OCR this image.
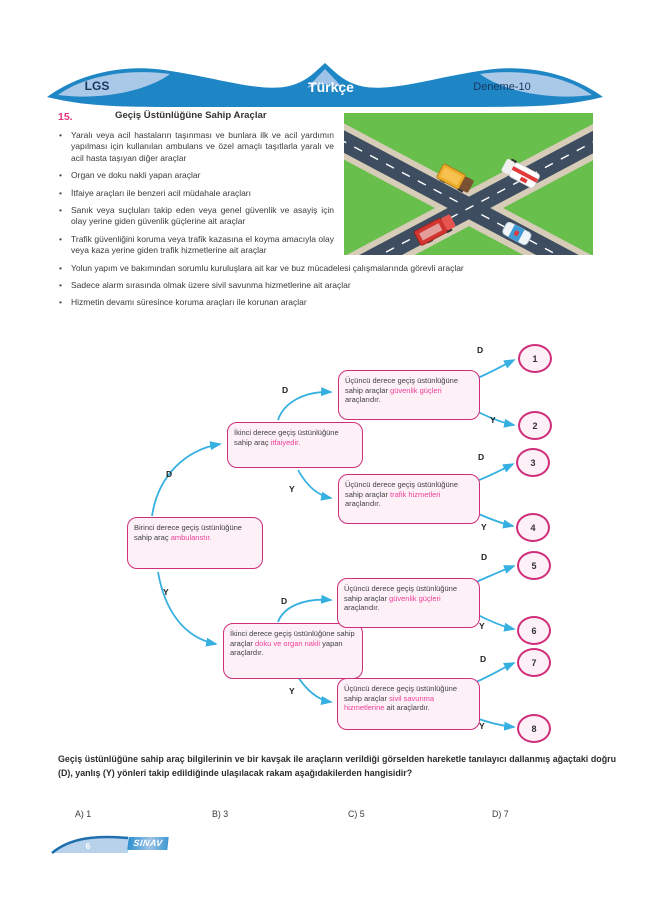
LGS	Türkçe	Deneme-10
15.	Geçiş Üstünlüğüne Sahip Araçlar

• Yaralı veya acil hastaların taşınması ve bunlara ilk ve acil yardımın yapılması için kullanılan ambulans ve özel amaçlı taşıtlarla yaralı ve acil hasta taşıyan diğer araçlar
• Organ ve doku nakli yapan araçlar
• İtfaiye araçları ile benzeri acil müdahale araçları
• Sanık veya suçluları takip eden veya genel güvenlik ve asayiş için olay yerine giden güvenlik güçlerine ait araçlar
• Trafik güvenliğini koruma veya trafik kazasına el koyma amacıyla olay veya kaza yerine giden trafik hizmetlerine ait araçlar
• Yolun yapım ve bakımından sorumlu kuruluşlara ait kar ve buz mücadelesi çalışmalarında görevli araçlar
• Sadece alarm sırasında olmak üzere sivil savunma hizmetlerine ait araçlar
• Hizmetin devamı süresince koruma araçları ile korunan araçlar
Birinci derece geçiş üstünlüğüne sahip araç ambulanstır.
İkinci derece geçiş üstünlüğüne sahip araç itfaiyedir.
İkinci derece geçiş üstünlüğüne sahip araçlar doku ve organ nakli yapan araçlardır.
Üçüncü derece geçiş üstünlüğüne sahip araçlar güvenlik güçleri araçlarıdır.
Üçüncü derece geçiş üstünlüğüne sahip araçlar trafik hizmetleri araçlarıdır.
Üçüncü derece geçiş üstünlüğüne sahip araçlar güvenlik güçleri araçlarıdır.
Üçüncü derece geçiş üstünlüğüne sahip araçlar sivil savunma hizmetlerine ait araçlardır.
1
2
3
4
5
6
7
8
D
Y
D
Y
D
Y
D
Y
D
Y
D
Y
D
Y
Geçiş üstünlüğüne sahip araç bilgilerinin ve bir kavşak ile araçların verildiği görselden hareketle tanılayıcı dallanmış ağaçtaki doğru (D), yanlış (Y) yönleri takip edildiğinde ulaşılacak rakam aşağıdakilerden hangisidir?
A) 1	B) 3	C) 5	D) 7
6	SINAV
